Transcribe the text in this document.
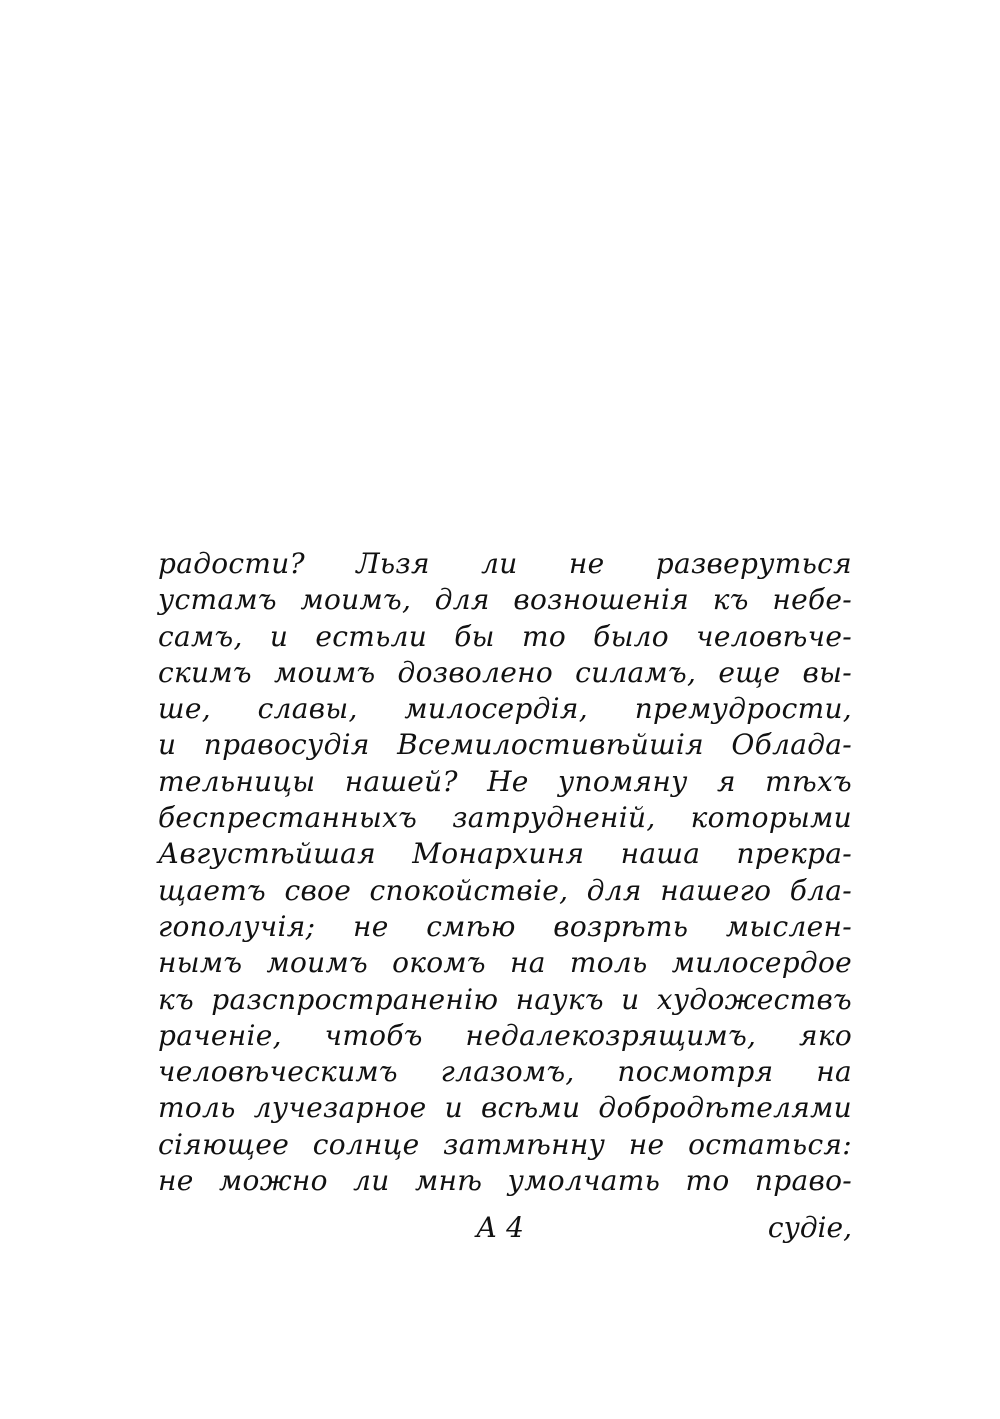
радости? Льзя ли не разверуться
устамъ моимъ, для возношенія къ небе-
самъ, и естьли бы то было человѣче-
скимъ моимъ дозволено силамъ, еще вы-
ше, славы, милосердія, премудрости,
и правосудія Всемилостивѣйшія Облада-
тельницы нашей? Не упомяну я тѣхъ
беспрестанныхъ затрудненій, которыми
Августѣйшая Монархиня наша прекра-
щаетъ свое спокойствіе, для нашего бла-
гополучія; не смѣю возрѣть мыслен-
нымъ моимъ окомъ на толь милосердое
къ разспространенію наукъ и художествъ
раченіе, чтобъ недалекозрящимъ, яко
человѣческимъ глазомъ, посмотря на
толь лучезарное и всѣми добродѣтелями
сіяющее солнце затмѣнну не остаться:
не можно ли мнѣ умолчать то право-
А 4	судіе,
